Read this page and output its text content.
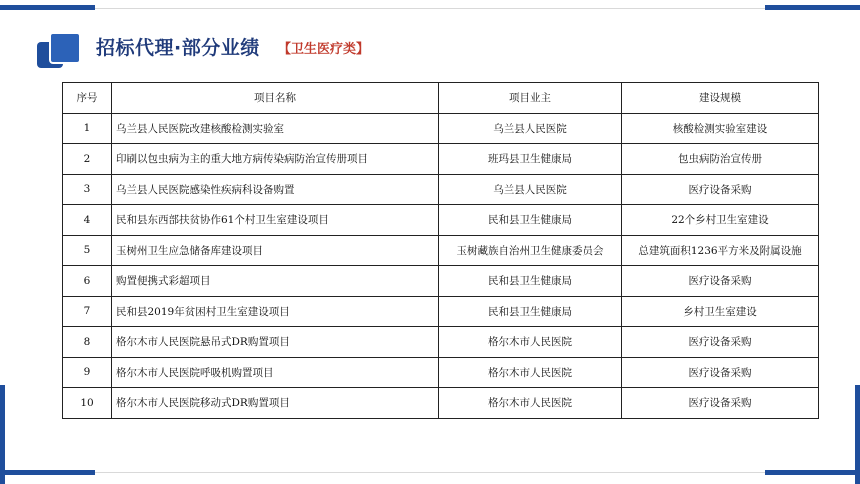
招标代理·部分业绩 【卫生医疗类】
序号	项目名称	项目业主	建设规模
1	乌兰县人民医院改建核酸检测实验室	乌兰县人民医院	核酸检测实验室建设
2	印刷以包虫病为主的重大地方病传染病防治宣传册项目	班玛县卫生健康局	包虫病防治宣传册
3	乌兰县人民医院感染性疾病科设备购置	乌兰县人民医院	医疗设备采购
4	民和县东西部扶贫协作61个村卫生室建设项目	民和县卫生健康局	22个乡村卫生室建设
5	玉树州卫生应急储备库建设项目	玉树藏族自治州卫生健康委员会	总建筑面积1236平方米及附属设施
6	购置便携式彩超项目	民和县卫生健康局	医疗设备采购
7	民和县2019年贫困村卫生室建设项目	民和县卫生健康局	乡村卫生室建设
8	格尔木市人民医院悬吊式DR购置项目	格尔木市人民医院	医疗设备采购
9	格尔木市人民医院呼吸机购置项目	格尔木市人民医院	医疗设备采购
10	格尔木市人民医院移动式DR购置项目	格尔木市人民医院	医疗设备采购
